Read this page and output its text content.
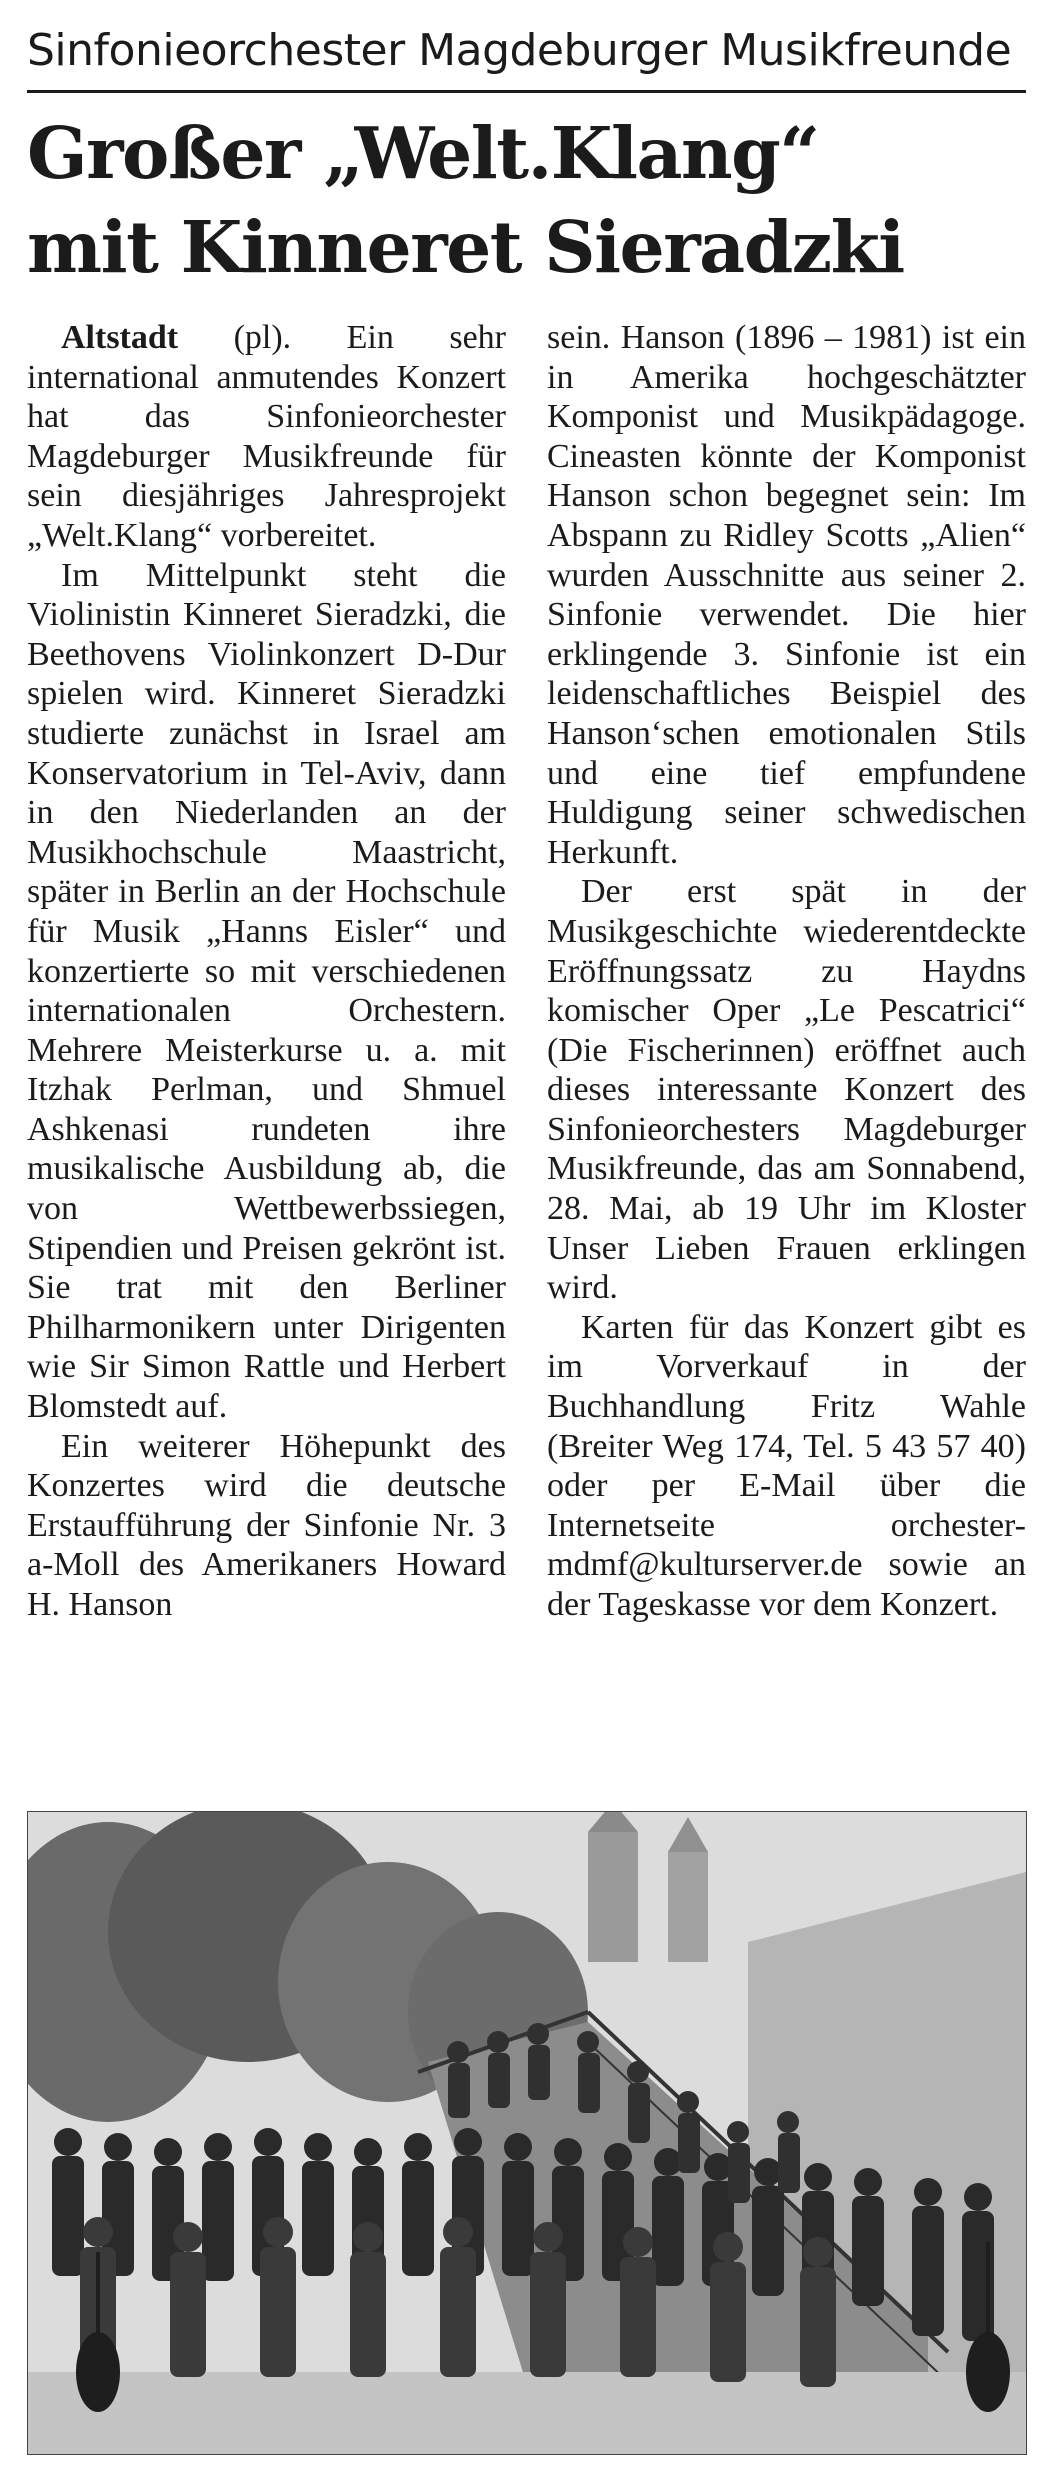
Sinfonieorchester Magdeburger Musikfreunde
Großer „Welt.Klang“
mit Kinneret Sieradzki

Altstadt (pl). Ein sehr international anmutendes Konzert hat das Sinfonieorchester Magdeburger Musikfreunde für sein diesjähriges Jahresprojekt „Welt.Klang“ vorbereitet.

Im Mittelpunkt steht die Violinistin Kinneret Sieradzki, die Beethovens Violinkonzert D-Dur spielen wird. Kinneret Sieradzki studierte zunächst in Israel am Konservatorium in Tel-Aviv, dann in den Niederlanden an der Musikhochschule Maastricht, später in Berlin an der Hochschule für Musik „Hanns Eisler“ und konzertierte so mit verschiedenen internationalen Orchestern. Mehrere Meisterkurse u. a. mit Itzhak Perlman, und Shmuel Ashkenasi rundeten ihre musikalische Ausbildung ab, die von Wettbewerbssiegen, Stipendien und Preisen gekrönt ist. Sie trat mit den Berliner Philharmonikern unter Dirigenten wie Sir Simon Rattle und Herbert Blomstedt auf.

Ein weiterer Höhepunkt des Konzertes wird die deutsche Erstaufführung der Sinfonie Nr. 3 a-Moll des Amerikaners Howard H. Hanson

sein. Hanson (1896 – 1981) ist ein in Amerika hochgeschätzter Komponist und Musikpädagoge. Cineasten könnte der Komponist Hanson schon begegnet sein: Im Abspann zu Ridley Scotts „Alien“ wurden Ausschnitte aus seiner 2. Sinfonie verwendet. Die hier erklingende 3. Sinfonie ist ein leidenschaftliches Beispiel des Hanson‘schen emotionalen Stils und eine tief empfundene Huldigung seiner schwedischen Herkunft.

Der erst spät in der Musikgeschichte wiederentdeckte Eröffnungssatz zu Haydns komischer Oper „Le Pescatrici“ (Die Fischerinnen) eröffnet auch dieses interessante Konzert des Sinfonieorchesters Magdeburger Musikfreunde, das am Sonnabend, 28. Mai, ab 19 Uhr im Kloster Unser Lieben Frauen erklingen wird.

Karten für das Konzert gibt es im Vorverkauf in der Buchhandlung Fritz Wahle (Breiter Weg 174, Tel. 5 43 57 40) oder per E-Mail über die Internetseite orchester-mdmf@kulturserver.de sowie an der Tageskasse vor dem Konzert.
